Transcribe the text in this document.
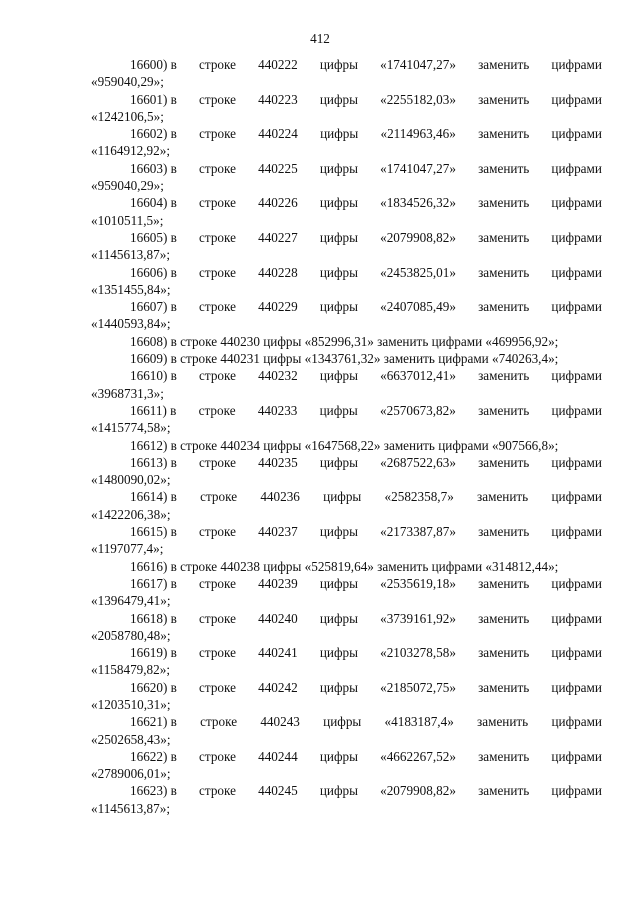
412
16600) в строке 440222 цифры «1741047,27» заменить цифрами
«959040,29»;
16601) в строке 440223 цифры «2255182,03» заменить цифрами
«1242106,5»;
16602) в строке 440224 цифры «2114963,46» заменить цифрами
«1164912,92»;
16603) в строке 440225 цифры «1741047,27» заменить цифрами
«959040,29»;
16604) в строке 440226 цифры «1834526,32» заменить цифрами
«1010511,5»;
16605) в строке 440227 цифры «2079908,82» заменить цифрами
«1145613,87»;
16606) в строке 440228 цифры «2453825,01» заменить цифрами
«1351455,84»;
16607) в строке 440229 цифры «2407085,49» заменить цифрами
«1440593,84»;
16608) в строке 440230 цифры «852996,31» заменить цифрами «469956,92»;
16609) в строке 440231 цифры «1343761,32» заменить цифрами «740263,4»;
16610) в строке 440232 цифры «6637012,41» заменить цифрами
«3968731,3»;
16611) в строке 440233 цифры «2570673,82» заменить цифрами
«1415774,58»;
16612) в строке 440234 цифры «1647568,22» заменить цифрами «907566,8»;
16613) в строке 440235 цифры «2687522,63» заменить цифрами
«1480090,02»;
16614) в строке 440236 цифры «2582358,7» заменить цифрами
«1422206,38»;
16615) в строке 440237 цифры «2173387,87» заменить цифрами
«1197077,4»;
16616) в строке 440238 цифры «525819,64» заменить цифрами «314812,44»;
16617) в строке 440239 цифры «2535619,18» заменить цифрами
«1396479,41»;
16618) в строке 440240 цифры «3739161,92» заменить цифрами
«2058780,48»;
16619) в строке 440241 цифры «2103278,58» заменить цифрами
«1158479,82»;
16620) в строке 440242 цифры «2185072,75» заменить цифрами
«1203510,31»;
16621) в строке 440243 цифры «4183187,4» заменить цифрами
«2502658,43»;
16622) в строке 440244 цифры «4662267,52» заменить цифрами
«2789006,01»;
16623) в строке 440245 цифры «2079908,82» заменить цифрами
«1145613,87»;
